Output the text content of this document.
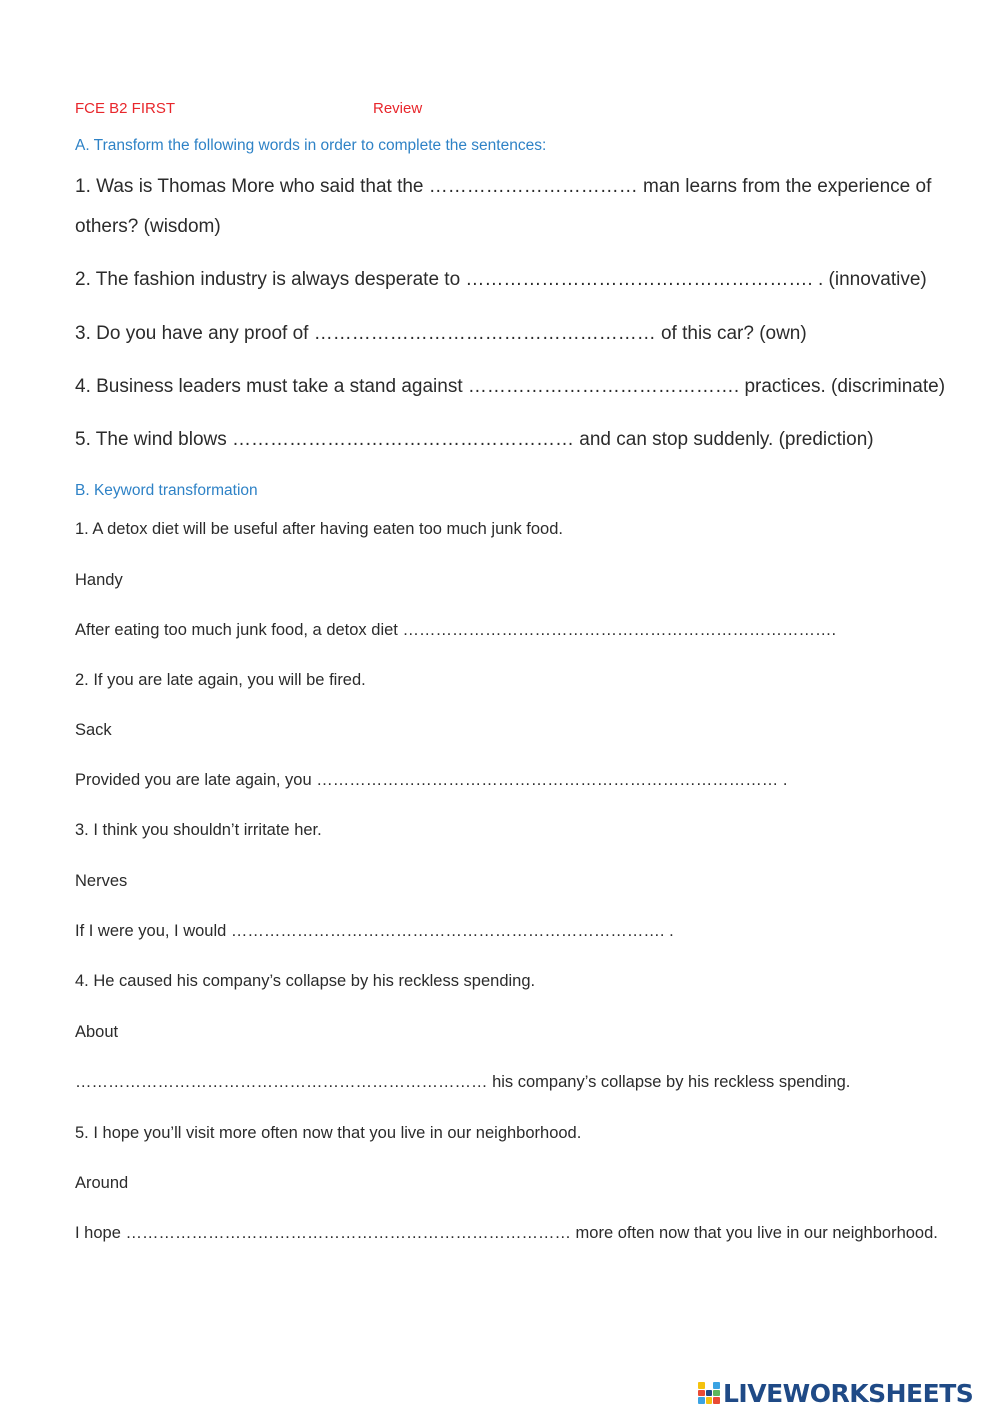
FCE B2 FIRST	Review
A. Transform the following words in order to complete the sentences:
1. Was is Thomas More who said that the …………………………… man learns from the experience of
others? (wisdom)
2. The fashion industry is always desperate to ………………………………………………. . (innovative)
3. Do you have any proof of ……………………………………………… of this car? (own)
4. Business leaders must take a stand against ……………………………………. practices. (discriminate)
5. The wind blows ……………………………………………… and can stop suddenly. (prediction)
B. Keyword transformation
1. A detox diet will be useful after having eaten too much junk food.
Handy
After eating too much junk food, a detox diet …………………………………………………………………….
2. If you are late again, you will be fired.
Sack
Provided you are late again, you ………………………………………………………………………… .
3. I think you shouldn’t irritate her.
Nerves
If I were you, I would ……………………………………………………………………. .
4. He caused his company’s collapse by his reckless spending.
About
………………………………………………………………… his company’s collapse by his reckless spending.
5. I hope you’ll visit more often now that you live in our neighborhood.
Around
I hope ……………………………………………………………………… more often now that you live in our neighborhood.
LIVEWORKSHEETS
